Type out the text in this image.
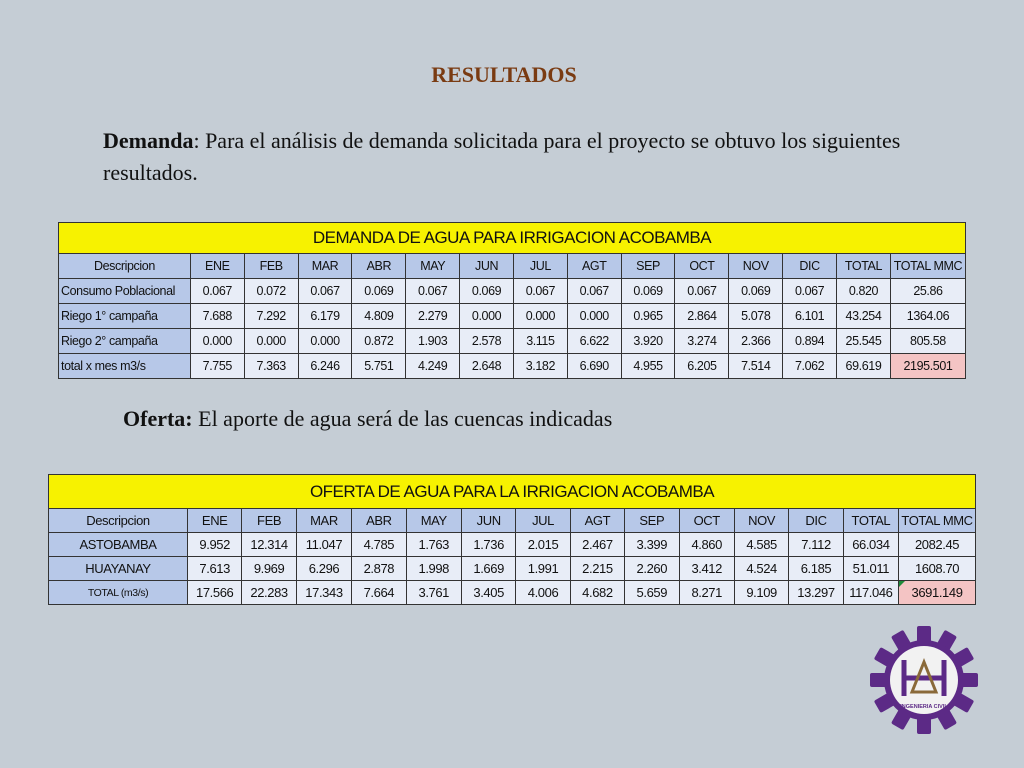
RESULTADOS
Demanda: Para el análisis de demanda solicitada para el proyecto se obtuvo los siguientes resultados.
DEMANDA DE AGUA PARA IRRIGACION ACOBAMBA														
Descripcion	ENE	FEB	MAR	ABR	MAY	JUN	JUL	AGT	SEP	OCT	NOV	DIC	TOTAL	TOTAL MMC
Consumo Poblacional	0.067	0.072	0.067	0.069	0.067	0.069	0.067	0.067	0.069	0.067	0.069	0.067	0.820	25.86
Riego 1° campaña	7.688	7.292	6.179	4.809	2.279	0.000	0.000	0.000	0.965	2.864	5.078	6.101	43.254	1364.06
Riego 2° campaña	0.000	0.000	0.000	0.872	1.903	2.578	3.115	6.622	3.920	3.274	2.366	0.894	25.545	805.58
total x mes m3/s	7.755	7.363	6.246	5.751	4.249	2.648	3.182	6.690	4.955	6.205	7.514	7.062	69.619	2195.501
Oferta: El aporte de agua será de las cuencas indicadas
OFERTA DE AGUA PARA LA IRRIGACION ACOBAMBA														
Descripcion	ENE	FEB	MAR	ABR	MAY	JUN	JUL	AGT	SEP	OCT	NOV	DIC	TOTAL	TOTAL MMC
ASTOBAMBA	9.952	12.314	11.047	4.785	1.763	1.736	2.015	2.467	3.399	4.860	4.585	7.112	66.034	2082.45
HUAYANAY	7.613	9.969	6.296	2.878	1.998	1.669	1.991	2.215	2.260	3.412	4.524	6.185	51.011	1608.70
TOTAL (m3/s)	17.566	22.283	17.343	7.664	3.761	3.405	4.006	4.682	5.659	8.271	9.109	13.297	117.046	3691.149
INGENIERIA CIVIL
